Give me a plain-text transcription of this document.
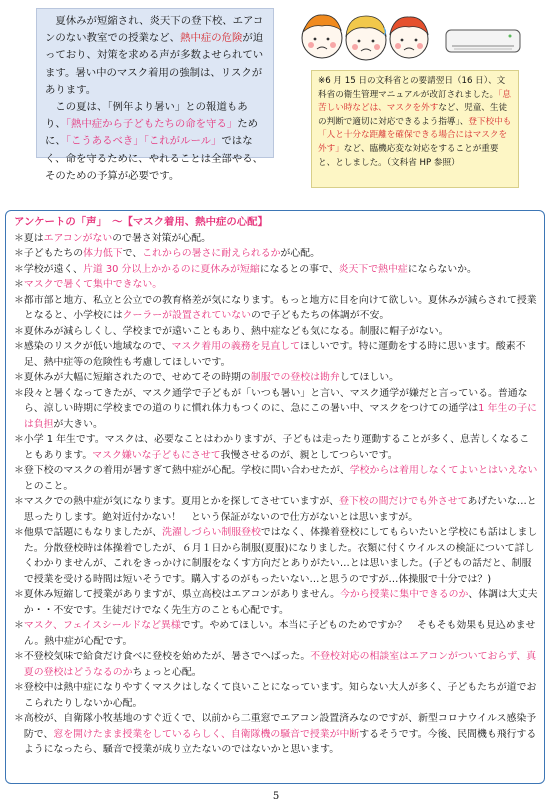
夏休みが短縮され、炎天下の登下校、エアコンのない教室での授業など、熱中症の危険が迫っており、対策を求める声が多数よせられています。暑い中のマスク着用の強制は、リスクがあります。

この夏は、「例年より暑い」との報道もあり、「熱中症から子どもたちの命を守る」ために、「こうあるべき」「これがルール」ではなく、命を守るために、やれることは全部やる、そのための予算が必要です。

※6 月 15 日の文科省との要請翌日（16 日）、文科省の衛生管理マニュアルが改訂されました。「息苦しい時などは、マスクを外すなど、児童、生徒の判断で適切に対応できるよう指導」、登下校中も「人と十分な距離を確保できる場合にはマスクを外す」など、臨機応変な対応をすることが重要と、としました。（文科省 HP 参照）
アンケートの「声」　～【マスク着用、熱中症の心配】

＊夏はエアコンがないので暑さ対策が心配。

＊子どもたちの体力低下で、これからの暑さに耐えられるかが心配。

＊学校が遠く、片道 30 分以上かかるのに夏休みが短縮になるとの事で、炎天下で熱中症にならないか。

＊マスクで暑くて集中できない。

＊都市部と地方、私立と公立での教育格差が気になります。もっと地方に目を向けて欲しい。夏休みが減らされて授業となると、小学校にはクーラーが設置されていないので子どもたちの体調が不安。

＊夏休みが減らしくし、学校までが遠いこともあり、熱中症なども気になる。制服に帽子がない。

＊感染のリスクが低い地域なので、マスク着用の義務を見直してほしいです。特に運動をする時に思います。酸素不足、熱中症等の危険性も考慮してほしいです。

＊夏休みが大幅に短縮されたので、せめてその時期の制服での登校は勘弁してほしい。

＊段々と暑くなってきたが、マスク通学で子どもが「いつも暑い」と言い、マスク通学が嫌だと言っている。普通なら、涼しい時期に学校までの道のりに慣れ体力もつくのに、急にこの暑い中、マスクをつけての通学は1 年生の子には負担が大きい。

＊小学 1 年生です。マスクは、必要なことはわかりますが、子どもは走ったり運動することが多く、息苦しくなることもあります。マスク嫌いな子どもにさせて我慢させるのが、親としてつらいです。

＊登下校のマスクの着用が暑すぎて熱中症が心配。学校に問い合わせたが、学校からは着用しなくてよいとはいえないとのこと。

＊マスクでの熱中症が気になります。夏用とかを探してさせていますが、登下校の間だけでも外させてあげたいな…と思ったりします。絶対近付かない！　という保証がないので仕方がないとは思いますが。

＊他県で話題にもなりましたが、洗濯しづらい制服登校ではなく、体操着登校にしてもらいたいと学校にも話はしました。分散登校時は体操着でしたが、６月１日から制服(夏服)になりました。衣類に付くウイルスの検証について詳しくわかりませんが、これをきっかけに制服をなくす方向だとありがたい…とは思いました。(子どもの話だと、制服で授業を受ける時間は短いそうです。購入するのがもったいない…と思うのですが…体操服で十分では？)

＊夏休み短縮して授業がありますが、県立高校はエアコンがありません。今から授業に集中できるのか、体調は大丈夫か・・不安です。生徒だけでなく先生方のことも心配です。

＊マスク、フェイスシールドなど異様です。やめてほしい。本当に子どものためですか？　そもそも効果も見込めません。熱中症が心配です。

＊不登校気味で給食だけ食べに登校を始めたが、暑さでへばった。不登校対応の相談室はエアコンがついておらず、真夏の登校はどうなるのかちょっと心配。

＊登校中は熱中症になりやすくマスクはしなくて良いことになっています。知らない大人が多く、子どもたちが道でおこられたりしないか心配。

＊高校が、自衛隊小牧基地のすぐ近くで、以前から二重窓でエアコン設置済みなのですが、新型コロナウイルス感染予防で、窓を開けたまま授業をしているらしく、自衛隊機の騒音で授業が中断するそうです。今後、民間機も飛行するようになったら、騒音で授業が成り立たないのではないかと思います。

5
